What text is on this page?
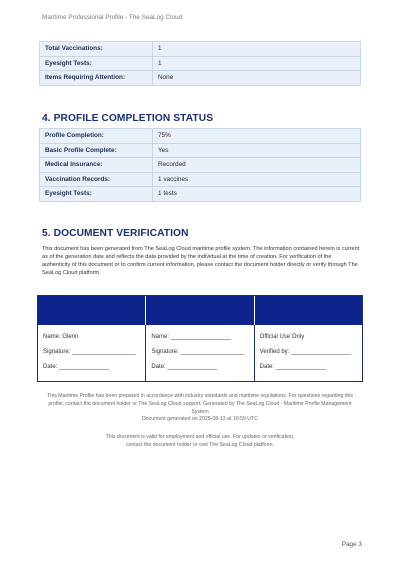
Maritime Professional Profile - The SeaLog Cloud
Total Vaccinations:	1
Eyesight Tests:	1
Items Requiring Attention:	None
4. PROFILE COMPLETION STATUS
Profile Completion:	75%
Basic Profile Complete:	Yes
Medical Insurance:	Recorded
Vaccination Records:	1 vaccines
Eyesight Tests:	1 tests
5. DOCUMENT VERIFICATION
This document has been generated from The SeaLog Cloud maritime profile system. The information contained herein is current as of the generation date and reflects the data provided by the individual at the time of creation. For verification of the authenticity of this document or to confirm current information, please contact the document holder directly or verify through The SeaLog Cloud platform.
Name: Glenn
Signature: ___________________
Date: _______________
Name: __________________
Signature: ___________________
Date: _______________
Official Use Only
Verified by: __________________
Date: _______________
This Maritime Profile has been prepared in accordance with industry standards and maritime regulations. For questions regarding this profile, contact the document holder or The SeaLog Cloud support. Generated by The SeaLog Cloud - Maritime Profile Management System
Document generated on 2025-08-13 at 10:59 UTC
This document is valid for employment and official use. For updates or verification,
contact the document holder or visit The SeaLog Cloud platform.
Page 3
